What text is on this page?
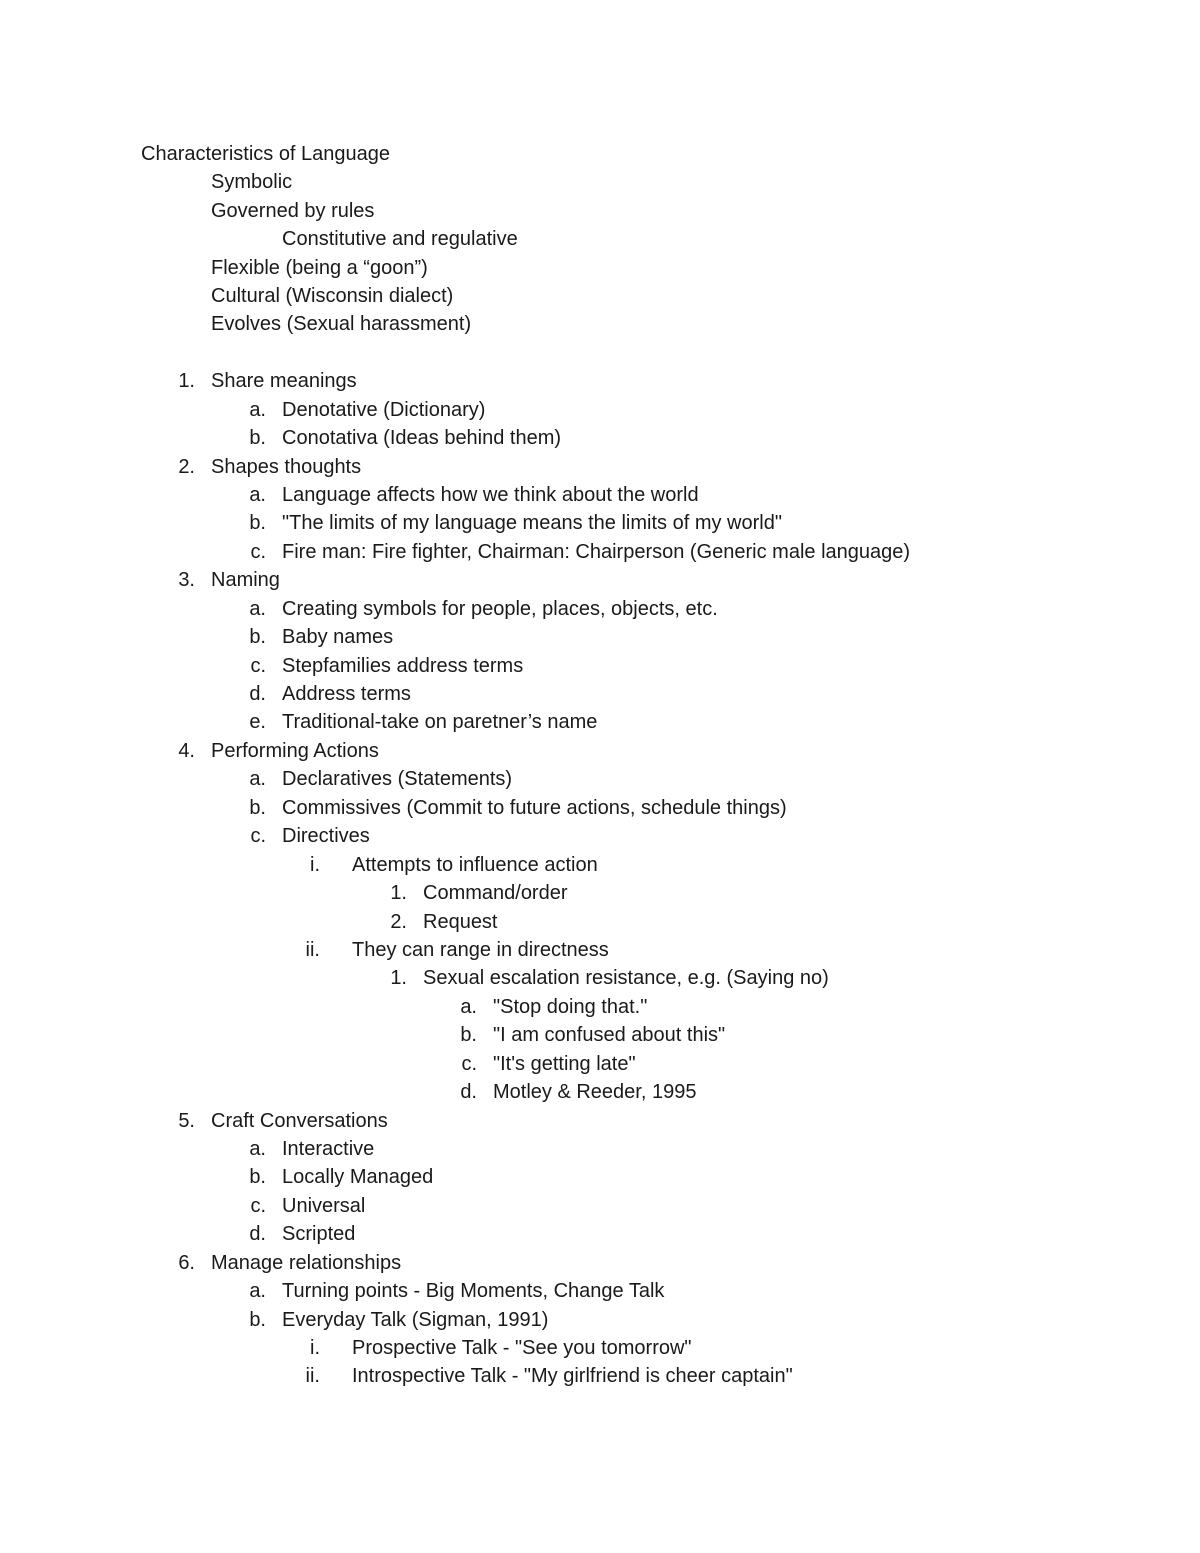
Characteristics of Language
Symbolic
Governed by rules
Constitutive and regulative
Flexible (being a “goon”)
Cultural (Wisconsin dialect)
Evolves (Sexual harassment)
1. Share meanings
a. Denotative (Dictionary)
b. Conotativa (Ideas behind them)
2. Shapes thoughts
a. Language affects how we think about the world
b. "The limits of my language means the limits of my world"
c. Fire man: Fire fighter, Chairman: Chairperson (Generic male language)
3. Naming
a. Creating symbols for people, places, objects, etc.
b. Baby names
c. Stepfamilies address terms
d. Address terms
e. Traditional-take on paretner’s name
4. Performing Actions
a. Declaratives (Statements)
b. Commissives (Commit to future actions, schedule things)
c. Directives
i. Attempts to influence action
1. Command/order
2. Request
ii. They can range in directness
1. Sexual escalation resistance, e.g. (Saying no)
a. "Stop doing that."
b. "I am confused about this"
c. "It's getting late"
d. Motley & Reeder, 1995
5. Craft Conversations
a. Interactive
b. Locally Managed
c. Universal
d. Scripted
6. Manage relationships
a. Turning points - Big Moments, Change Talk
b. Everyday Talk (Sigman, 1991)
i. Prospective Talk - "See you tomorrow"
ii. Introspective Talk - "My girlfriend is cheer captain"
